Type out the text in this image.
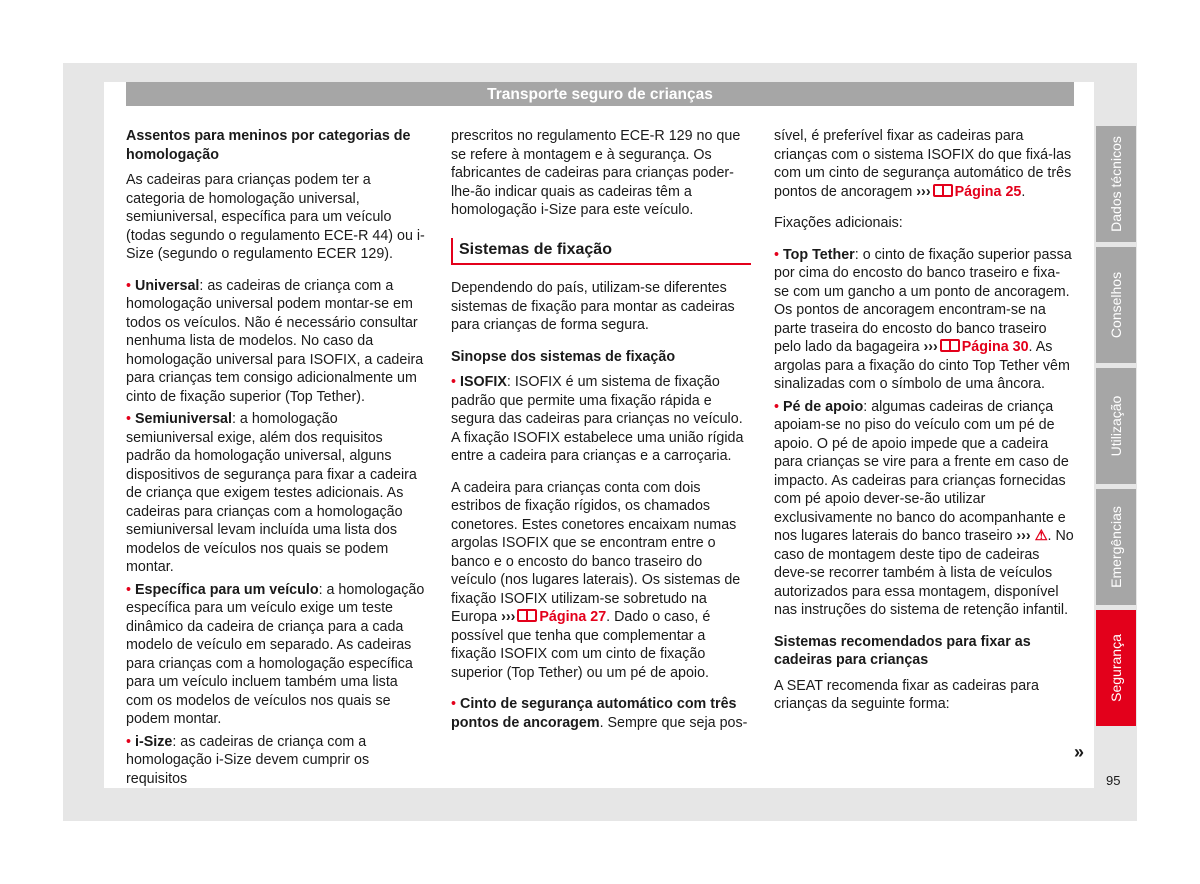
Transporte seguro de crianças

Assentos para meninos por categorias de homologação

As cadeiras para crianças podem ter a categoria de homologação universal, semiuniversal, específica para um veículo (todas segundo o regulamento ECE-R 44) ou i-Size (segundo o regulamento ECER 129).

• Universal: as cadeiras de criança com a homologação universal podem montar-se em todos os veículos. Não é necessário consultar nenhuma lista de modelos. No caso da homologação universal para ISOFIX, a cadeira para crianças tem consigo adicionalmente um cinto de fixação superior (Top Tether).

• Semiuniversal: a homologação semiuniversal exige, além dos requisitos padrão da homologação universal, alguns dispositivos de segurança para fixar a cadeira de criança que exigem testes adicionais. As cadeiras para crianças com a homologação semiuniversal levam incluída uma lista dos modelos de veículos nos quais se podem montar.

• Específica para um veículo: a homologação específica para um veículo exige um teste dinâmico da cadeira de criança para a cada modelo de veículo em separado. As cadeiras para crianças com a homologação específica para um veículo incluem também uma lista com os modelos de veículos nos quais se podem montar.

• i-Size: as cadeiras de criança com a homologação i-Size devem cumprir os requisitos

prescritos no regulamento ECE-R 129 no que se refere à montagem e à segurança. Os fabricantes de cadeiras para crianças poder-lhe-ão indicar quais as cadeiras têm a homologação i-Size para este veículo.

Sistemas de fixação

Dependendo do país, utilizam-se diferentes sistemas de fixação para montar as cadeiras para crianças de forma segura.

Sinopse dos sistemas de fixação

• ISOFIX: ISOFIX é um sistema de fixação padrão que permite uma fixação rápida e segura das cadeiras para crianças no veículo. A fixação ISOFIX estabelece uma união rígida entre a cadeira para crianças e a carroçaria.

A cadeira para crianças conta com dois estribos de fixação rígidos, os chamados conetores. Estes conetores encaixam numas argolas ISOFIX que se encontram entre o banco e o encosto do banco traseiro do veículo (nos lugares laterais). Os sistemas de fixação ISOFIX utilizam-se sobretudo na Europa ››› Página 27. Dado o caso, é possível que tenha que complementar a fixação ISOFIX com um cinto de fixação superior (Top Tether) ou um pé de apoio.

• Cinto de segurança automático com três pontos de ancoragem. Sempre que seja pos-

sível, é preferível fixar as cadeiras para crianças com o sistema ISOFIX do que fixá-las com um cinto de segurança automático de três pontos de ancoragem ››› Página 25.

Fixações adicionais:

• Top Tether: o cinto de fixação superior passa por cima do encosto do banco traseiro e fixa-se com um gancho a um ponto de ancoragem. Os pontos de ancoragem encontram-se na parte traseira do encosto do banco traseiro pelo lado da bagageira ››› Página 30. As argolas para a fixação do cinto Top Tether vêm sinalizadas com o símbolo de uma âncora.

• Pé de apoio: algumas cadeiras de criança apoiam-se no piso do veículo com um pé de apoio. O pé de apoio impede que a cadeira para crianças se vire para a frente em caso de impacto. As cadeiras para crianças fornecidas com pé apoio dever-se-ão utilizar exclusivamente no banco do acompanhante e nos lugares laterais do banco traseiro ››› ⚠. No caso de montagem deste tipo de cadeiras deve-se recorrer também à lista de veículos autorizados para essa montagem, disponível nas instruções do sistema de retenção infantil.

Sistemas recomendados para fixar as cadeiras para crianças

A SEAT recomenda fixar as cadeiras para crianças da seguinte forma:

Dados técnicos
Conselhos
Utilização
Emergências
Segurança
»
95
